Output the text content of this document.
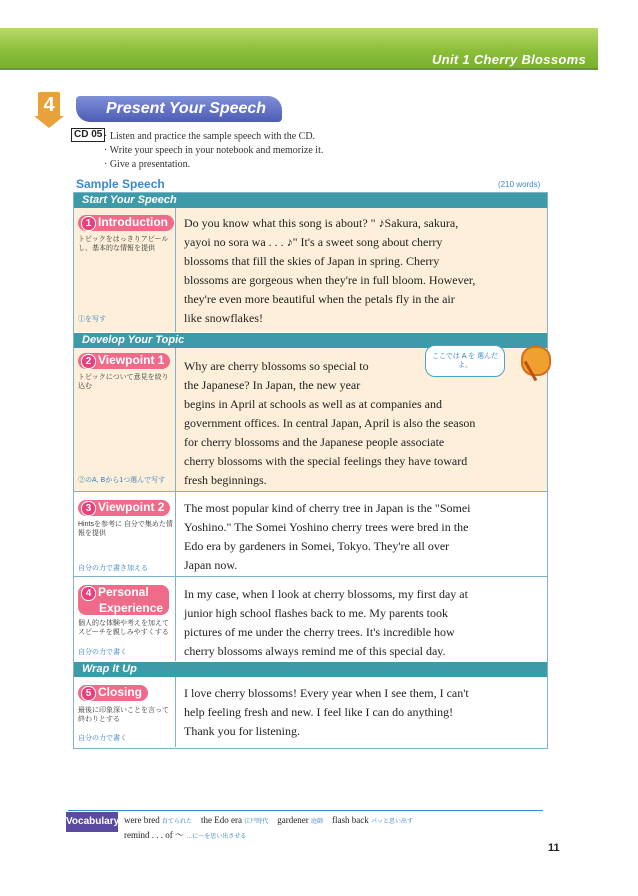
Unit 1 Cherry Blossoms
4	Present Your Speech
CD 05 · Listen and practice the sample speech with the CD.
· Write your speech in your notebook and memorize it.
· Give a presentation.
Sample Speech	(210 words)
Start Your Speech
Develop Your Topic
Wrap It Up
1 Introduction
トピックをはっきりアピールし、基本的な情報を提供
①を写す
Do you know what this song is about? " ♪Sakura, sakura,
yayoi no sora wa . . . ♪" It's a sweet song about cherry
blossoms that fill the skies of Japan in spring. Cherry
blossoms are gorgeous when they're in full bloom. However,
they're even more beautiful when the petals fly in the air
like snowflakes!
2 Viewpoint 1
トピックについて意見を絞り込む
②のA, Bから1つ選んで写す
Why are cherry blossoms so special to
the Japanese? In Japan, the new year
begins in April at schools as well as at companies and
government offices. In central Japan, April is also the season
for cherry blossoms and the Japanese people associate
cherry blossoms with the special feelings they have toward
fresh beginnings.
ここでは A を 選んだよ。
3 Viewpoint 2
Hintsを参考に 自分で集めた情報を提供
自分の力で書き加える
The most popular kind of cherry tree in Japan is the "Somei
Yoshino." The Somei Yoshino cherry trees were bred in the
Edo era by gardeners in Somei, Tokyo. They're all over
Japan now.
4 Personal
Experience
個人的な体験や考えを加えてスピーチを親しみやすくする
自分の力で書く
In my case, when I look at cherry blossoms, my first day at
junior high school flashes back to me. My parents took
pictures of me under the cherry trees. It's incredible how
cherry blossoms always remind me of this special day.
5 Closing
最後に印象深いことを言って終わりとする
自分の力で書く
I love cherry blossoms! Every year when I see them, I can't
help feeling fresh and new. I feel like I can do anything!
Thank you for listening.
Vocabulary were bred 育てられた the Edo era 江戸時代 gardener 庭師 flash back パッと思い出す
remind . . . of ～ …に～を思い出させる
11
